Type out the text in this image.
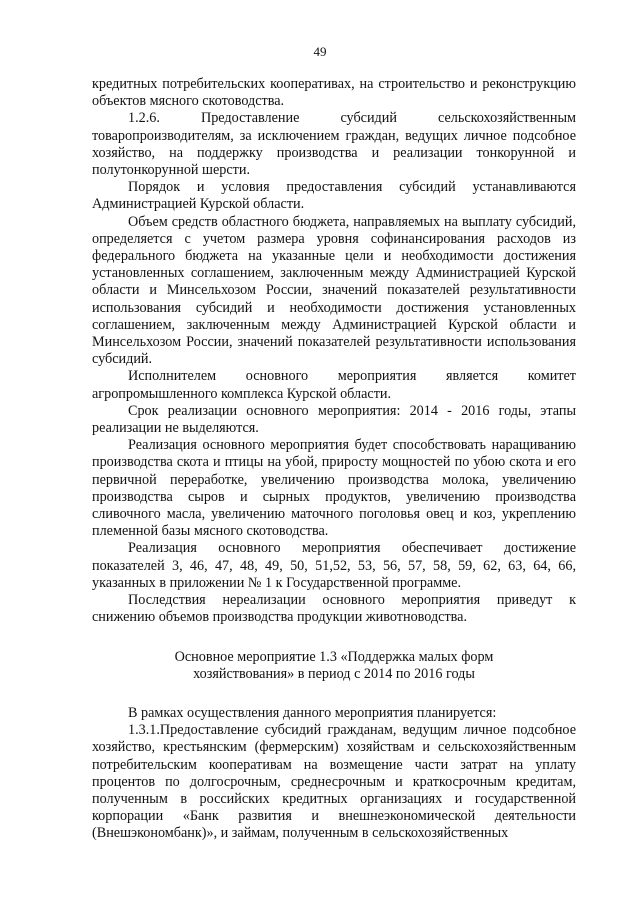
49

кредитных потребительских кооперативах, на строительство и реконструкцию объектов мясного скотоводства.

1.2.6. Предоставление субсидий сельскохозяйственным товаропроизводителям, за исключением граждан, ведущих личное подсобное хозяйство, на поддержку производства и реализации тонкорунной и полутонкорунной шерсти.

Порядок и условия предоставления субсидий устанавливаются Администрацией Курской области.

Объем средств областного бюджета, направляемых на выплату субсидий, определяется с учетом размера уровня софинансирования расходов из федерального бюджета на указанные цели и необходимости достижения установленных соглашением, заключенным между Администрацией Курской области и Минсельхозом России, значений показателей результативности использования субсидий и необходимости достижения установленных соглашением, заключенным между Администрацией Курской области и Минсельхозом России, значений показателей результативности использования субсидий.

Исполнителем основного мероприятия является комитет агропромышленного комплекса Курской области.

Срок реализации основного мероприятия: 2014 - 2016 годы, этапы реализации не выделяются.

Реализация основного мероприятия будет способствовать наращиванию производства скота и птицы на убой, приросту мощностей по убою скота и его первичной переработке, увеличению производства молока, увеличению производства сыров и сырных продуктов, увеличению производства сливочного масла, увеличению маточного поголовья овец и коз, укреплению племенной базы мясного скотоводства.

Реализация основного мероприятия обеспечивает достижение показателей 3, 46, 47, 48, 49, 50, 51,52, 53, 56, 57, 58, 59, 62, 63, 64, 66, указанных в приложении № 1 к Государственной программе.

Последствия нереализации основного мероприятия приведут к снижению объемов производства продукции животноводства.

Основное мероприятие 1.3 «Поддержка малых форм
хозяйствования» в период с 2014 по 2016 годы

В рамках осуществления данного мероприятия планируется:

1.3.1.Предоставление субсидий гражданам, ведущим личное подсобное хозяйство, крестьянским (фермерским) хозяйствам и сельскохозяйственным потребительским кооперативам на возмещение части затрат на уплату процентов по долгосрочным, среднесрочным и краткосрочным кредитам, полученным в российских кредитных организациях и государственной корпорации «Банк развития и внешнеэкономической деятельности (Внешэкономбанк)», и займам, полученным в сельскохозяйственных
